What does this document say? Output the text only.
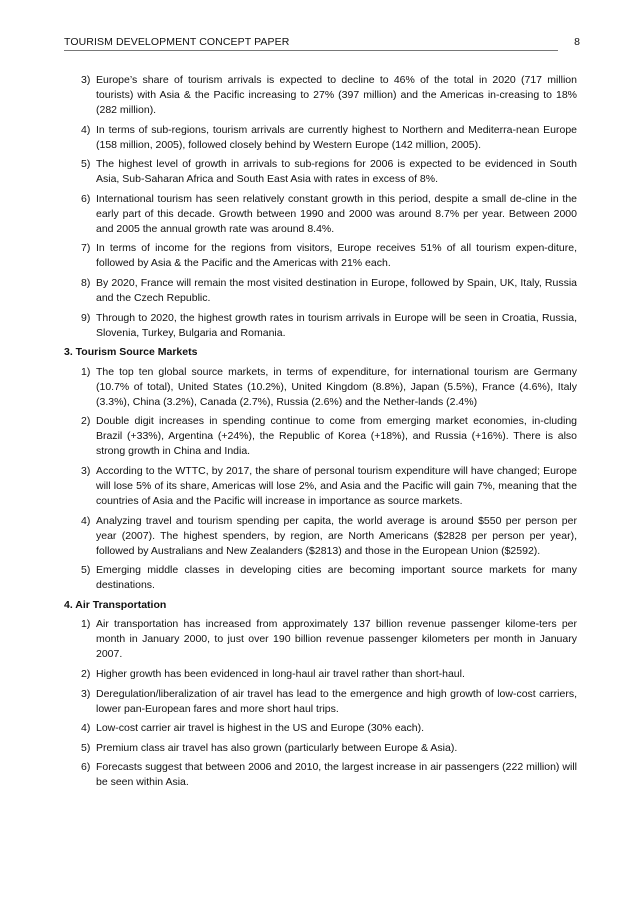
TOURISM DEVELOPMENT CONCEPT PAPER	8
3) Europe’s share of tourism arrivals is expected to decline to 46% of the total in 2020 (717 million tourists) with Asia & the Pacific increasing to 27% (397 million) and the Americas in-creasing to 18% (282 million).
4) In terms of sub-regions, tourism arrivals are currently highest to Northern and Mediterra-nean Europe (158 million, 2005), followed closely behind by Western Europe (142 million, 2005).
5) The highest level of growth in arrivals to sub-regions for 2006 is expected to be evidenced in South Asia, Sub-Saharan Africa and South East Asia with rates in excess of 8%.
6) International tourism has seen relatively constant growth in this period, despite a small de-cline in the early part of this decade. Growth between 1990 and 2000 was around 8.7% per year. Between 2000 and 2005 the annual growth rate was around 8.4%.
7) In terms of income for the regions from visitors, Europe receives 51% of all tourism expen-diture, followed by Asia & the Pacific and the Americas with 21% each.
8) By 2020, France will remain the most visited destination in Europe, followed by Spain, UK, Italy, Russia and the Czech Republic.
9) Through to 2020, the highest growth rates in tourism arrivals in Europe will be seen in Croatia, Russia, Slovenia, Turkey, Bulgaria and Romania.
3. Tourism Source Markets
1) The top ten global source markets, in terms of expenditure, for international tourism are Germany (10.7% of total), United States (10.2%), United Kingdom (8.8%), Japan (5.5%), France (4.6%), Italy (3.3%), China (3.2%), Canada (2.7%), Russia (2.6%) and the Nether-lands (2.4%)
2) Double digit increases in spending continue to come from emerging market economies, in-cluding Brazil (+33%), Argentina (+24%), the Republic of Korea (+18%), and Russia (+16%). There is also strong growth in China and India.
3) According to the WTTC, by 2017, the share of personal tourism expenditure will have changed; Europe will lose 5% of its share, Americas will lose 2%, and Asia and the Pacific will gain 7%, meaning that the countries of Asia and the Pacific will increase in importance as source markets.
4) Analyzing travel and tourism spending per capita, the world average is around $550 per person per year (2007). The highest spenders, by region, are North Americans ($2828 per person per year), followed by Australians and New Zealanders ($2813) and those in the European Union ($2592).
5) Emerging middle classes in developing cities are becoming important source markets for many destinations.
4. Air Transportation
1) Air transportation has increased from approximately 137 billion revenue passenger kilome-ters per month in January 2000, to just over 190 billion revenue passenger kilometers per month in January 2007.
2) Higher growth has been evidenced in long-haul air travel rather than short-haul.
3) Deregulation/liberalization of air travel has lead to the emergence and high growth of low-cost carriers, lower pan-European fares and more short haul trips.
4) Low-cost carrier air travel is highest in the US and Europe (30% each).
5) Premium class air travel has also grown (particularly between Europe & Asia).
6) Forecasts suggest that between 2006 and 2010, the largest increase in air passengers (222 million) will be seen within Asia.
